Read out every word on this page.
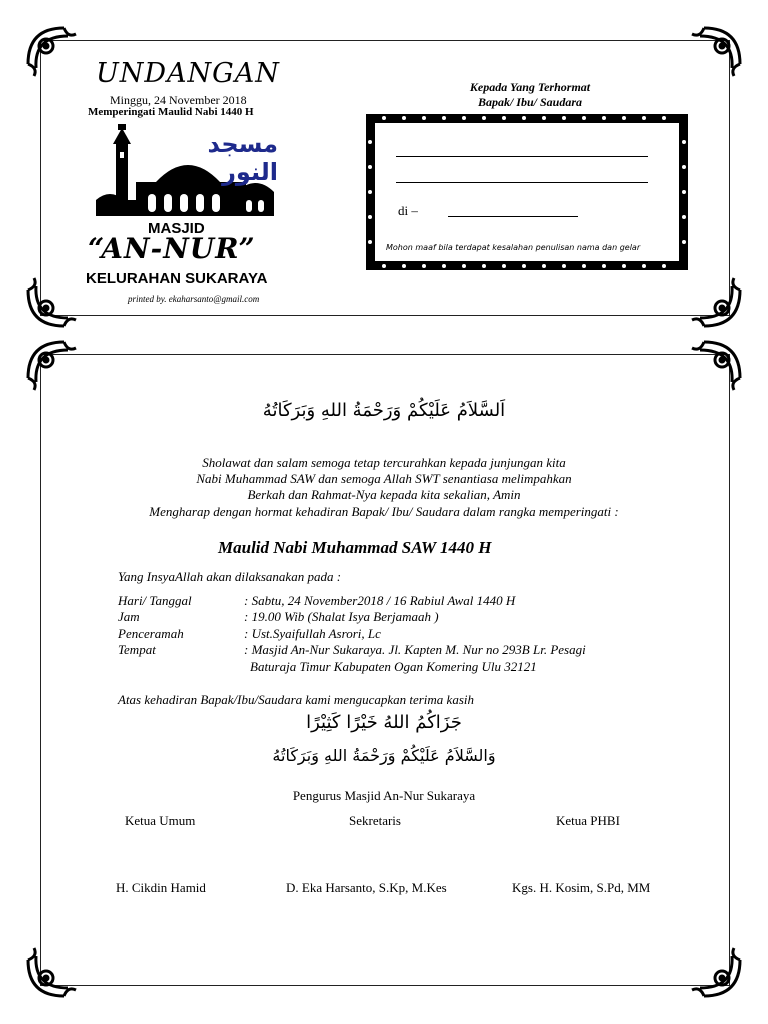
UNDANGAN
Minggu, 24 November 2018
Memperingati Maulid Nabi 1440 H
مسجد النور
MASJID
“AN-NUR”
KELURAHAN SUKARAYA
printed by. ekaharsanto@gmail.com
Kepada Yang Terhormat
Bapak/ Ibu/ Saudara
di –
Mohon maaf bila terdapat kesalahan penulisan nama dan gelar
اَلسَّلاَمُ عَلَيْكُمْ وَرَحْمَةُ اللهِ وَبَرَكَاتُهُ
Sholawat dan salam semoga tetap tercurahkan kepada junjungan kita
Nabi Muhammad SAW dan semoga Allah SWT senantiasa melimpahkan
Berkah dan Rahmat-Nya kepada kita sekalian, Amin
Mengharap dengan hormat kehadiran Bapak/ Ibu/ Saudara dalam rangka memperingati :
Maulid Nabi Muhammad SAW 1440 H
Yang InsyaAllah akan dilaksanakan pada :
Hari/ Tanggal	: Sabtu, 24 November2018 / 16 Rabiul Awal 1440 H
Jam	: 19.00 Wib (Shalat Isya Berjamaah )
Penceramah	: Ust.Syaifullah Asrori, Lc
Tempat	: Masjid An-Nur Sukaraya. Jl. Kapten M. Nur no 293B Lr. Pesagi
Baturaja Timur Kabupaten Ogan Komering Ulu 32121
Atas kehadiran Bapak/Ibu/Saudara kami mengucapkan terima kasih
جَزَاكُمُ اللهُ خَيْرًا كَثِيْرًا
وَالسَّلاَمُ عَلَيْكُمْ وَرَحْمَةُ اللهِ وَبَرَكَاتُهُ
Pengurus Masjid An-Nur Sukaraya
Ketua Umum	Sekretaris	Ketua PHBI
H. Cikdin Hamid	D. Eka Harsanto, S.Kp, M.Kes	Kgs. H. Kosim, S.Pd, MM
